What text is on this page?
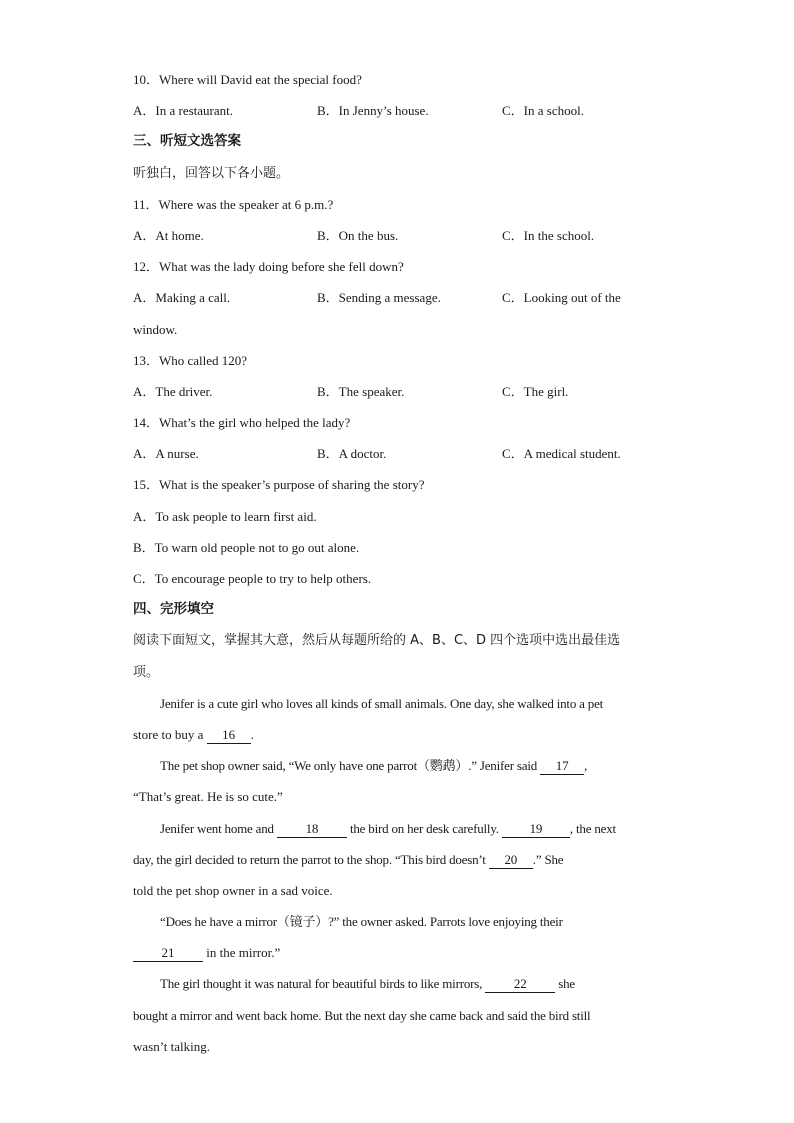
10．Where will David eat the special food?
A．In a restaurant.	B．In Jenny’s house.	C．In a school.
三、听短文选答案
听独白，回答以下各小题。
11．Where was the speaker at 6 p.m.?
A．At home.	B．On the bus.	C．In the school.
12．What was the lady doing before she fell down?
A．Making a call.	B．Sending a message.	C．Looking out of the
window.
13．Who called 120?
A．The driver.	B．The speaker.	C．The girl.
14．What’s the girl who helped the lady?
A．A nurse.	B．A doctor.	C．A medical student.
15．What is the speaker’s purpose of sharing the story?
A．To ask people to learn first aid.
B．To warn old people not to go out alone.
C．To encourage people to try to help others.
四、完形填空
阅读下面短文，掌握其大意，然后从每题所给的 A、B、C、D 四个选项中选出最佳选
项。
Jenifer is a cute girl who loves all kinds of small animals. One day, she walked into a pet
store to buy a 16 .
The pet shop owner said, “We only have one parrot（鹦鹉）.” Jenifer said 17 ,
“That’s great. He is so cute.”
Jenifer went home and 18 the bird on her desk carefully. 19 , the next
day, the girl decided to return the parrot to the shop. “This bird doesn’t 20 .” She
told the pet shop owner in a sad voice.
“Does he have a mirror（镜子）?” the owner asked. Parrots love enjoying their
21 in the mirror.”
The girl thought it was natural for beautiful birds to like mirrors, 22 she
bought a mirror and went back home. But the next day she came back and said the bird still
wasn’t talking.
